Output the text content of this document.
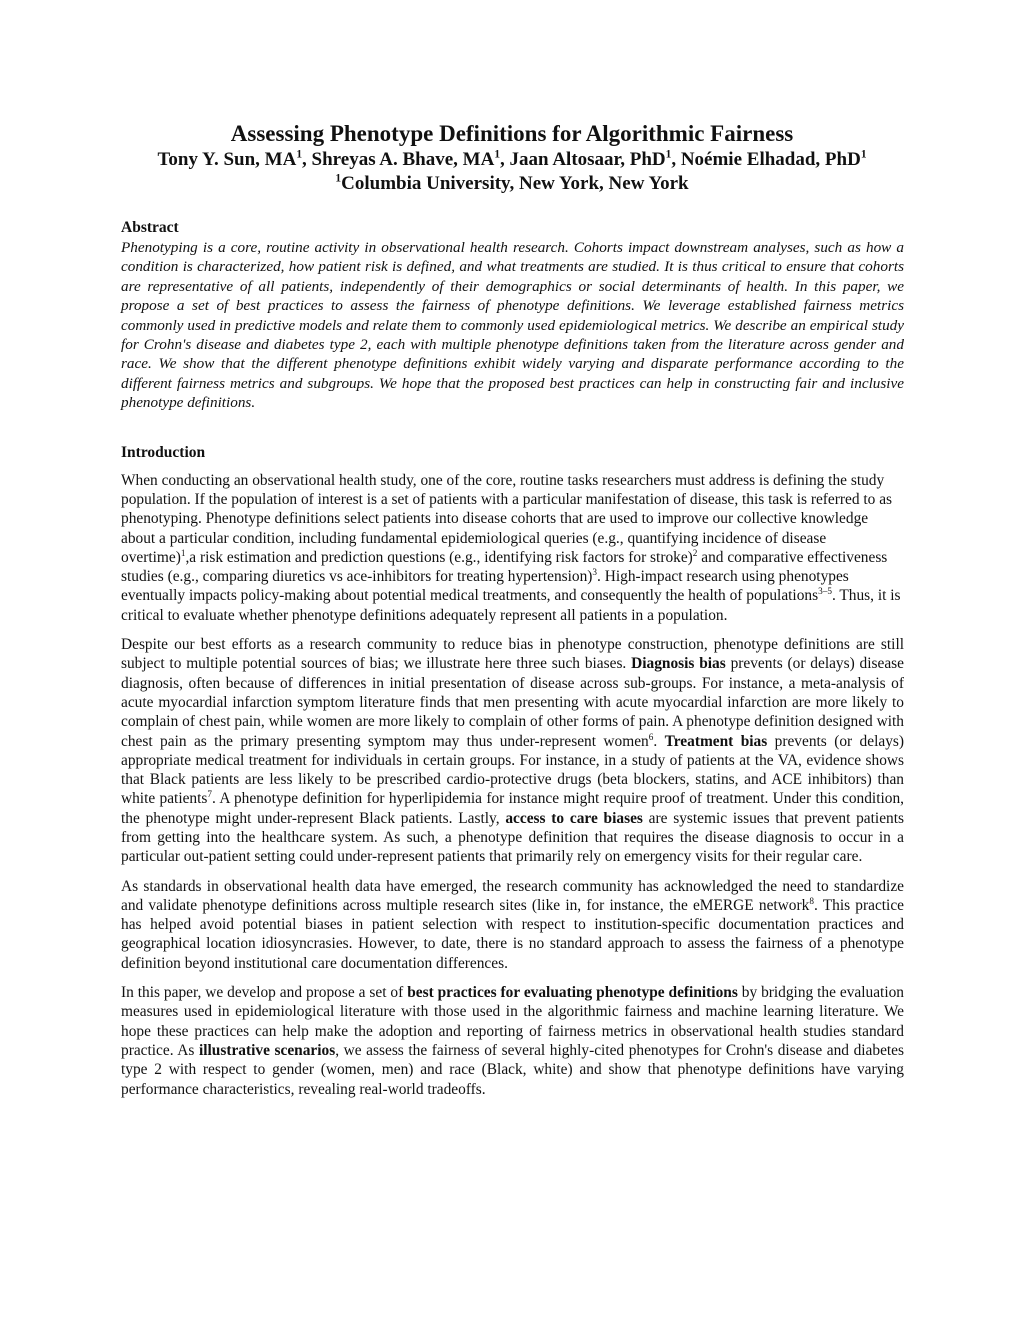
Assessing Phenotype Definitions for Algorithmic Fairness

Tony Y. Sun, $MA^1$, Shreyas A. Bhave, $MA^1$, Jaan Altosaar, PhD$^1$, Noémie Elhadad, PhD$^1$

$^1$Columbia University, New York, New York

Abstract

Phenotyping is a core, routine activity in observational health research. Cohorts impact downstream analyses, such as how a condition is characterized, how patient risk is defined, and what treatments are studied. It is thus critical to ensure that cohorts are representative of all patients, independently of their demographics or social determinants of health. In this paper, we propose a set of best practices to assess the fairness of phenotype definitions. We leverage established fairness metrics commonly used in predictive models and relate them to commonly used epidemiological metrics. We describe an empirical study for Crohn's disease and diabetes type 2, each with multiple phenotype definitions taken from the literature across gender and race. We show that the different phenotype definitions exhibit widely varying and disparate performance according to the different fairness metrics and subgroups. We hope that the proposed best practices can help in constructing fair and inclusive phenotype definitions.

Introduction

When conducting an observational health study, one of the core, routine tasks researchers must address is defining the study population. If the population of interest is a set of patients with a particular manifestation of disease, this task is referred to as phenotyping. Phenotype definitions select patients into disease cohorts that are used to improve our collective knowledge about a particular condition, including fundamental epidemiological queries (e.g., quantifying incidence of disease overtime)$^1$,a risk estimation and prediction questions (e.g., identifying risk factors for stroke)$^2$ and comparative effectiveness studies (e.g., comparing diuretics vs ace-inhibitors for treating hypertension)$^3$. High-impact research using phenotypes eventually impacts policy-making about potential medical treatments, and consequently the health of populations$^{3-5}$. Thus, it is critical to evaluate whether phenotype definitions adequately represent all patients in a population.

Despite our best efforts as a research community to reduce bias in phenotype construction, phenotype definitions are still subject to multiple potential sources of bias; we illustrate here three such biases. Diagnosis bias prevents (or delays) disease diagnosis, often because of differences in initial presentation of disease across sub-groups. For instance, a meta-analysis of acute myocardial infarction symptom literature finds that men presenting with acute myocardial infarction are more likely to complain of chest pain, while women are more likely to complain of other forms of pain. A phenotype definition designed with chest pain as the primary presenting symptom may thus under-represent women$^6$. Treatment bias prevents (or delays) appropriate medical treatment for individuals in certain groups. For instance, in a study of patients at the VA, evidence shows that Black patients are less likely to be prescribed cardio-protective drugs (beta blockers, statins, and ACE inhibitors) than white patients$^7$. A phenotype definition for hyperlipidemia for instance might require proof of treatment. Under this condition, the phenotype might under-represent Black patients. Lastly, access to care biases are systemic issues that prevent patients from getting into the healthcare system. As such, a phenotype definition that requires the disease diagnosis to occur in a particular out-patient setting could under-represent patients that primarily rely on emergency visits for their regular care.

As standards in observational health data have emerged, the research community has acknowledged the need to standardize and validate phenotype definitions across multiple research sites (like in, for instance, the eMERGE network$^8$. This practice has helped avoid potential biases in patient selection with respect to institution-specific documentation practices and geographical location idiosyncrasies. However, to date, there is no standard approach to assess the fairness of a phenotype definition beyond institutional care documentation differences.

In this paper, we develop and propose a set of best practices for evaluating phenotype definitions by bridging the evaluation measures used in epidemiological literature with those used in the algorithmic fairness and machine learning literature. We hope these practices can help make the adoption and reporting of fairness metrics in observational health studies standard practice. As illustrative scenarios, we assess the fairness of several highly-cited phenotypes for Crohn's disease and diabetes type 2 with respect to gender (women, men) and race (Black, white) and show that phenotype definitions have varying performance characteristics, revealing real-world tradeoffs.
